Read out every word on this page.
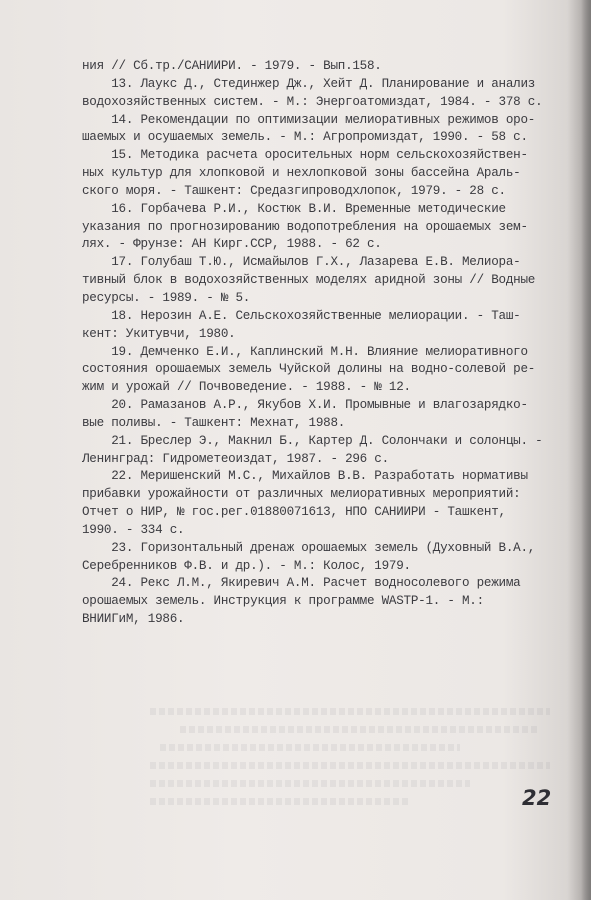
ния // Сб.тр./САНИИРИ. - 1979. - Вып.158.
13. Лаукс Д., Стединжер Дж., Хейт Д. Планирование и анализ
водохозяйственных систем. - М.: Энергоатомиздат, 1984. - 378 с.
14. Рекомендации по оптимизации мелиоративных режимов оро-
шаемых и осушаемых земель. - М.: Агропромиздат, 1990. - 58 с.
15. Методика расчета оросительных норм сельскохозяйствен-
ных культур для хлопковой и нехлопковой зоны бассейна Араль-
ского моря. - Ташкент: Средазгипроводхлопок, 1979. - 28 с.
16. Горбачева Р.И., Костюк В.И. Временные методические
указания по прогнозированию водопотребления на орошаемых зем-
лях. - Фрунзе: АН Кирг.ССР, 1988. - 62 с.
17. Голубаш Т.Ю., Исмайылов Г.Х., Лазарева Е.В. Мелиора-
тивный блок в водохозяйственных моделях аридной зоны // Водные
ресурсы. - 1989. - № 5.
18. Нерозин А.Е. Сельскохозяйственные мелиорации. - Таш-
кент: Укитувчи, 1980.
19. Демченко Е.И., Каплинский М.Н. Влияние мелиоративного
состояния орошаемых земель Чуйской долины на водно-солевой ре-
жим и урожай // Почвоведение. - 1988. - № 12.
20. Рамазанов А.Р., Якубов Х.И. Промывные и влагозарядко-
вые поливы. - Ташкент: Мехнат, 1988.
21. Бреслер Э., Макнил Б., Картер Д. Солончаки и солонцы. -
Ленинград: Гидрометеоиздат, 1987. - 296 с.
22. Меришенский М.С., Михайлов В.В. Разработать нормативы
прибавки урожайности от различных мелиоративных мероприятий:
Отчет о НИР, № гос.рег.01880071613, НПО САНИИРИ - Ташкент,
1990. - 334 с.
23. Горизонтальный дренаж орошаемых земель (Духовный В.А.,
Серебренников Ф.В. и др.). - М.: Колос, 1979.
24. Рекс Л.М., Якиревич А.М. Расчет водносолевого режима
орошаемых земель. Инструкция к программе WASTP-1. - М.:
ВНИИГиМ, 1986.
22
